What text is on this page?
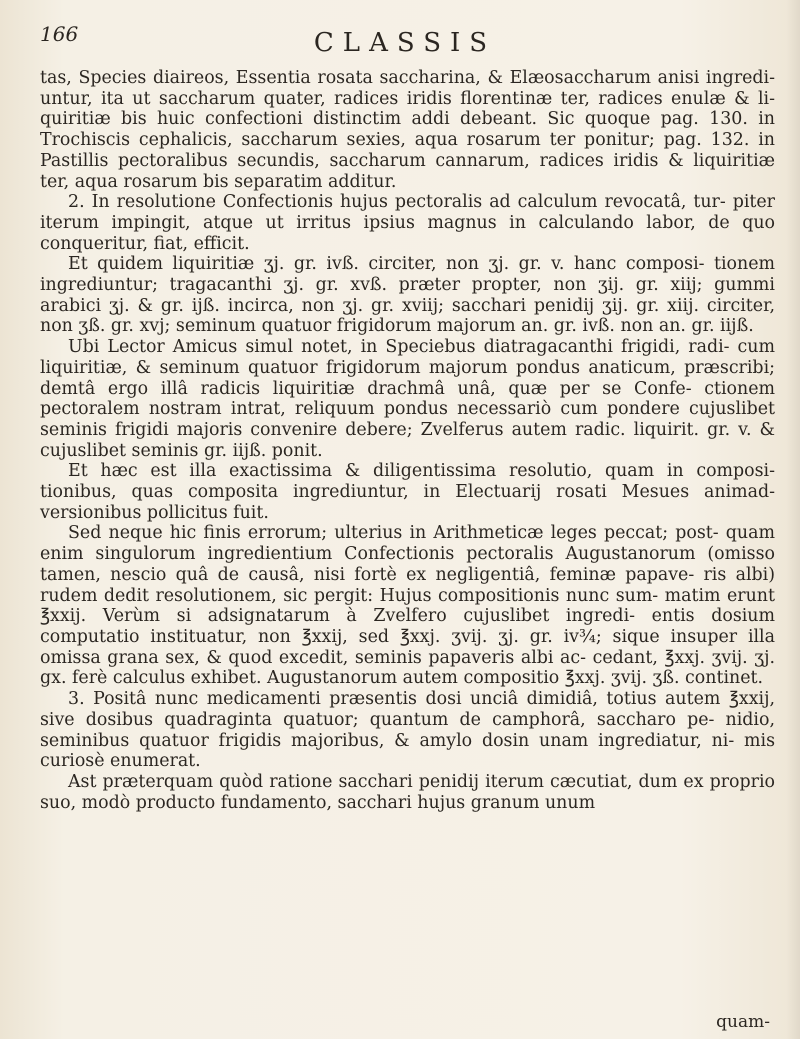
166	CLASSIS

tas, Species diaireos, Essentia rosata saccharina, & Elæosaccharum anisi ingredi- untur, ita ut saccharum quater, radices iridis florentinæ ter, radices enulæ & li- quiritiæ bis huic confectioni distinctim addi debeant. Sic quoque pag. 130. in Trochiscis cephalicis, saccharum sexies, aqua rosarum ter ponitur; pag. 132. in Pastillis pectoralibus secundis, saccharum cannarum, radices iridis & liquiritiæ ter, aqua rosarum bis separatim additur.

2. In resolutione Confectionis hujus pectoralis ad calculum revocatâ, tur- piter iterum impingit, atque ut irritus ipsius magnus in calculando labor, de quo conqueritur, fiat, efficit.

Et quidem liquiritiæ ʒj. gr. ivß. circiter, non ʒj. gr. v. hanc composi- tionem ingrediuntur; tragacanthi ʒj. gr. xvß. præter propter, non ʒij. gr. xiij; gummi arabici ʒj. & gr. ijß. incirca, non ʒj. gr. xviij; sacchari penidij ʒij. gr. xiij. circiter, non ʒß. gr. xvj; seminum quatuor frigidorum majorum an. gr. ivß. non an. gr. iijß.

Ubi Lector Amicus simul notet, in Speciebus diatragacanthi frigidi, radi- cum liquiritiæ, & seminum quatuor frigidorum majorum pondus anaticum, præscribi; demtâ ergo illâ radicis liquiritiæ drachmâ unâ, quæ per se Confe- ctionem pectoralem nostram intrat, reliquum pondus necessariò cum pondere cujuslibet seminis frigidi majoris convenire debere; Zvelferus autem radic. liquirit. gr. v. & cujuslibet seminis gr. iijß. ponit.

Et hæc est illa exactissima & diligentissima resolutio, quam in composi- tionibus, quas composita ingrediuntur, in Electuarij rosati Mesues animad- versionibus pollicitus fuit.

Sed neque hic finis errorum; ulterius in Arithmeticæ leges peccat; post- quam enim singulorum ingredientium Confectionis pectoralis Augustanorum (omisso tamen, nescio quâ de causâ, nisi fortè ex negligentiâ, feminæ papave- ris albi) rudem dedit resolutionem, sic pergit: Hujus compositionis nunc sum- matim erunt ℥xxij. Verùm si adsignatarum à Zvelfero cujuslibet ingredi- entis dosium computatio instituatur, non ℥xxij, sed ℥xxj. ʒvij. ʒj. gr. iv¾; sique insuper illa omissa grana sex, & quod excedit, seminis papaveris albi ac- cedant, ℥xxj. ʒvij. ʒj. gx. ferè calculus exhibet. Augustanorum autem compositio ℥xxj. ʒvij. ʒß. continet.

3. Positâ nunc medicamenti præsentis dosi unciâ dimidiâ, totius autem ℥xxij, sive dosibus quadraginta quatuor; quantum de camphorâ, saccharo pe- nidio, seminibus quatuor frigidis majoribus, & amylo dosin unam ingrediatur, ni- mis curiosè enumerat.

Ast præterquam quòd ratione sacchari penidij iterum cæcutiat, dum ex proprio suo, modò producto fundamento, sacchari hujus granum unum

quam-
